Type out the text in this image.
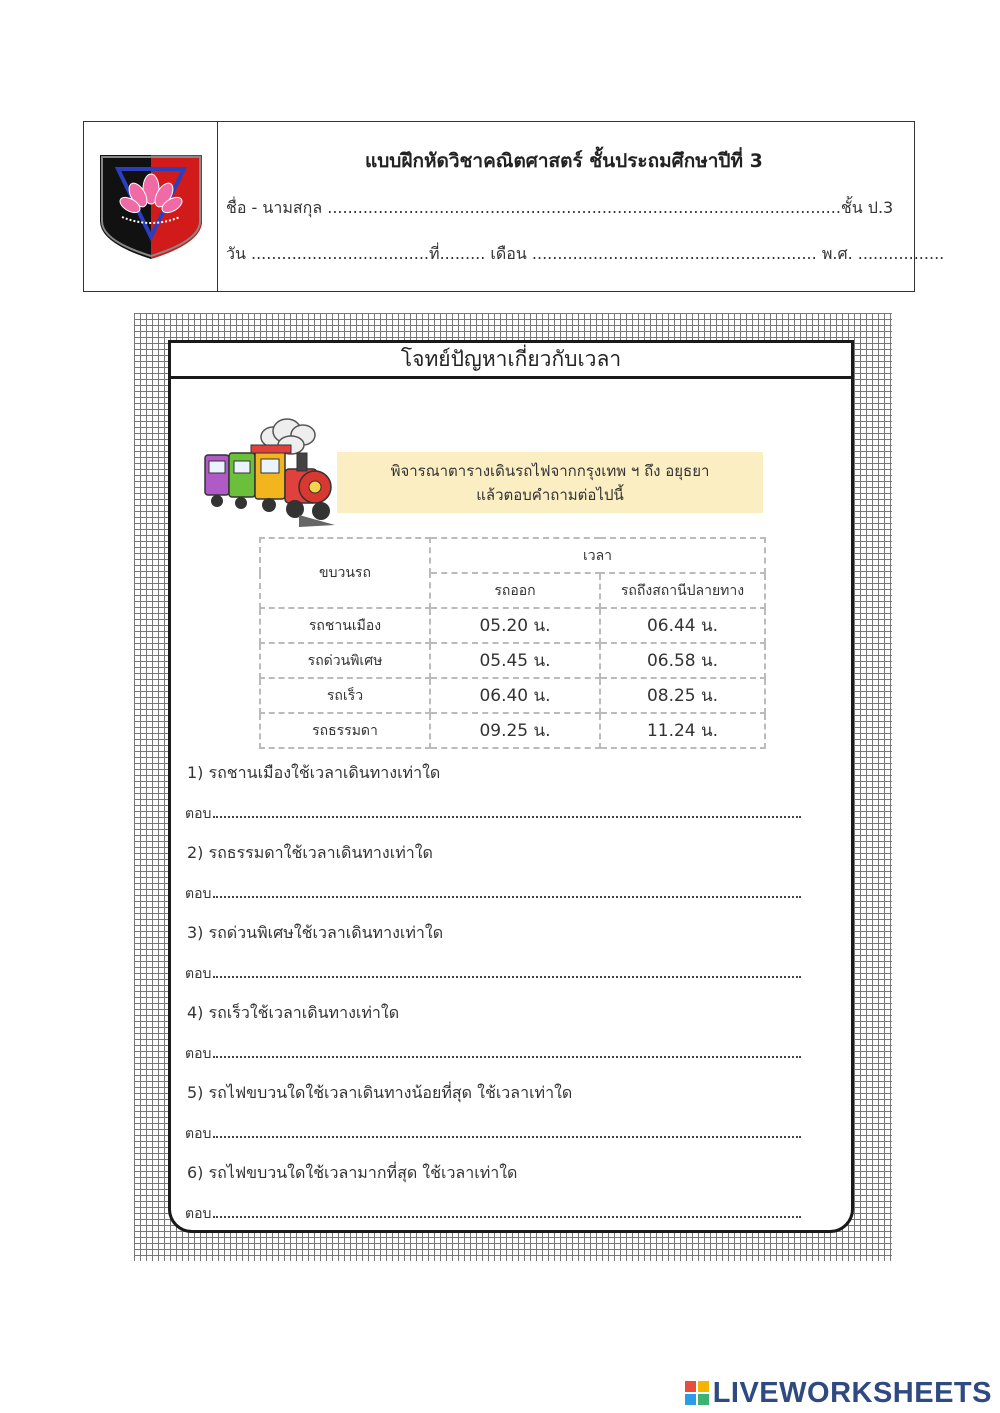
แบบฝึกหัดวิชาคณิตศาสตร์ ชั้นประถมศึกษาปีที่ 3
ชื่อ - นามสกุล .....................................................................................................ชั้น ป.3
วัน ...................................ที่......... เดือน ........................................................ พ.ศ. .................
โจทย์ปัญหาเกี่ยวกับเวลา
พิจารณาตารางเดินรถไฟจากกรุงเทพ ฯ ถึง อยุธยา
แล้วตอบคำถามต่อไปนี้
ขบวนรถ	เวลา	
	รถออก	รถถึงสถานีปลายทาง
รถชานเมือง	05.20 น.	06.44 น.
รถด่วนพิเศษ	05.45 น.	06.58 น.
รถเร็ว	06.40 น.	08.25 น.
รถธรรมดา	09.25 น.	11.24 น.
1) รถชานเมืองใช้เวลาเดินทางเท่าใด
ตอบ
2) รถธรรมดาใช้เวลาเดินทางเท่าใด
ตอบ
3) รถด่วนพิเศษใช้เวลาเดินทางเท่าใด
ตอบ
4) รถเร็วใช้เวลาเดินทางเท่าใด
ตอบ
5) รถไฟขบวนใดใช้เวลาเดินทางน้อยที่สุด ใช้เวลาเท่าใด
ตอบ
6) รถไฟขบวนใดใช้เวลามากที่สุด ใช้เวลาเท่าใด
ตอบ
LIVEWORKSHEETS
